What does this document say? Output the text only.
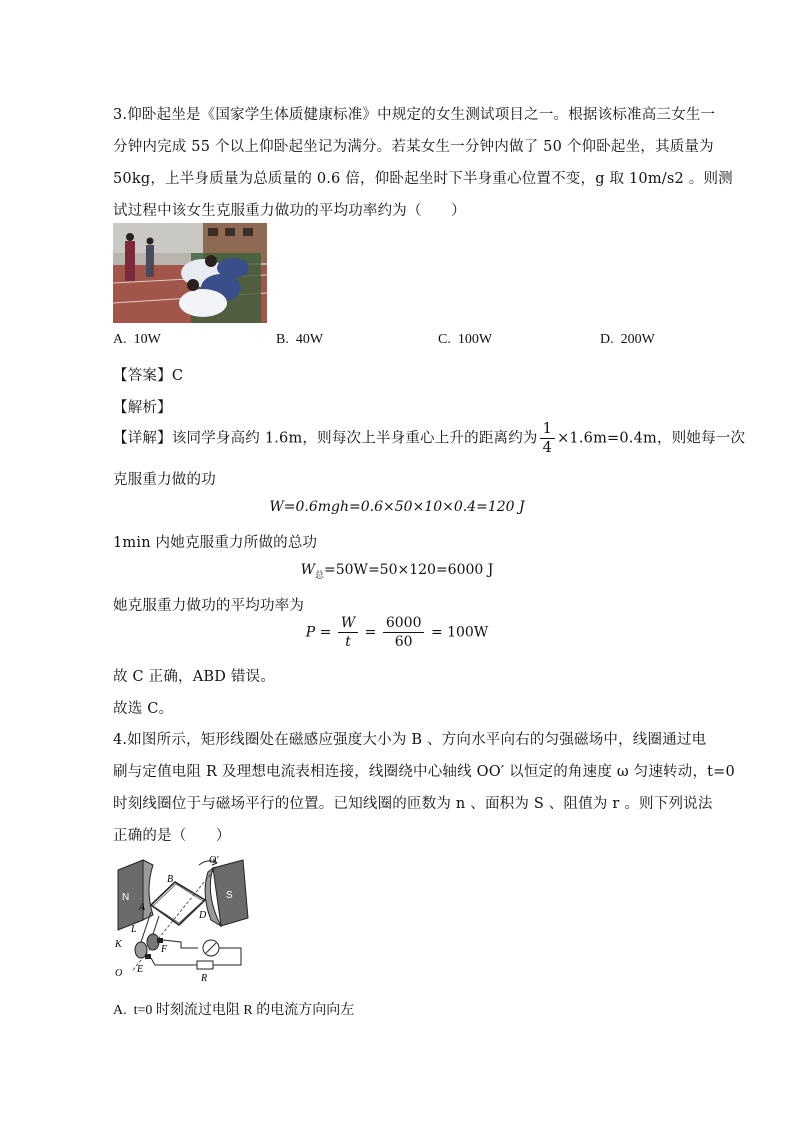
3.仰卧起坐是《国家学生体质健康标准》中规定的女生测试项目之一。根据该标准高三女生一
分钟内完成 55 个以上仰卧起坐记为满分。若某女生一分钟内做了 50 个仰卧起坐，其质量为
50kg，上半身质量为总质量的 0.6 倍，仰卧起坐时下半身重心位置不变，g 取 10m/s2 。则测
试过程中该女生克服重力做功的平均功率约为（　　）
A. 10W	B. 40W	C. 100W	D. 200W
【答案】C
【解析】
【详解】该同学身高约 1.6m，则每次上半身重心上升的距离约为 $\frac{1}{4} \times 1.6m=0.4m$，则她每一次
克服重力做的功
W=0.6mgh=0.6×50×10×0.4=120 J
1min 内她克服重力所做的总功
$W_总=50W=50\times 120=6000$ J
她克服重力做功的平均功率为
$P = \frac{W}{t} = \frac{6000}{60} = 100W$
故 C 正确，ABD 错误。
故选 C。
4.如图所示，矩形线圈处在磁感应强度大小为 B 、方向水平向右的匀强磁场中，线圈通过电
刷与定值电阻 R 及理想电流表相连接，线圈绕中心轴线 OO′ 以恒定的角速度 ω 匀速转动，t=0
时刻线圈位于与磁场平行的位置。已知线圈的匝数为 n 、面积为 S 、阻值为 r 。则下列说法
正确的是（　　）
O′
B
N
A
S
D
L
K	F
O E
R
A. t=0 时刻流过电阻 R 的电流方向向左
